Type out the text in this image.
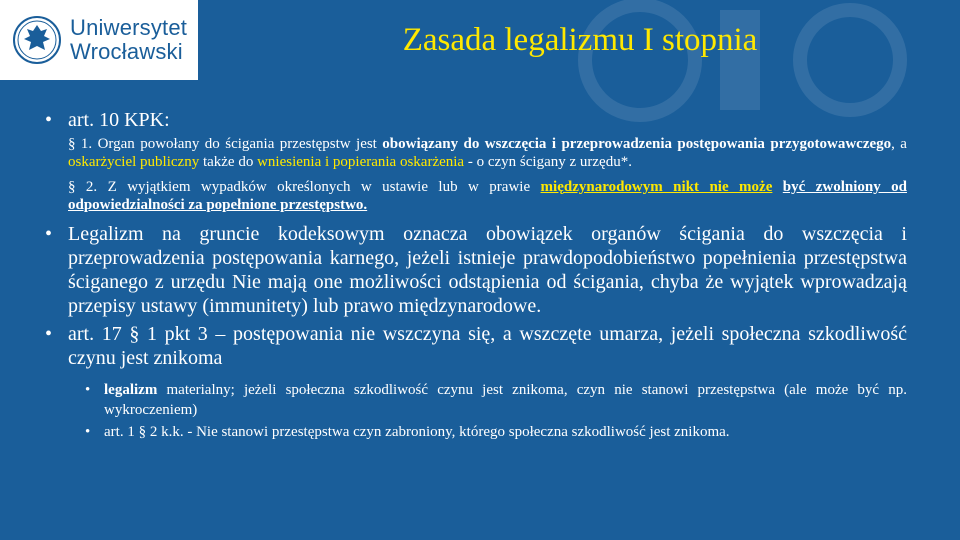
Uniwersytet
Wrocławski	Zasada legalizmu I stopnia
• art. 10 KPK:
§ 1. Organ powołany do ścigania przestępstw jest obowiązany do wszczęcia i przeprowadzenia postępowania przygotowawczego, a oskarżyciel publiczny także do wniesienia i popierania oskarżenia - o czyn ścigany z urzędu*.
§ 2. Z wyjątkiem wypadków określonych w ustawie lub w prawie międzynarodowym nikt nie może być zwolniony od odpowiedzialności za popełnione przestępstwo.
• Legalizm na gruncie kodeksowym oznacza obowiązek organów ścigania do wszczęcia i przeprowadzenia postępowania karnego, jeżeli istnieje prawdopodobieństwo popełnienia przestępstwa ściganego z urzędu Nie mają one możliwości odstąpienia od ścigania, chyba że wyjątek wprowadzają przepisy ustawy (immunitety) lub prawo międzynarodowe.
• art. 17 § 1 pkt 3 – postępowania nie wszczyna się, a wszczęte umarza, jeżeli społeczna szkodliwość czynu jest znikoma
• legalizm materialny; jeżeli społeczna szkodliwość czynu jest znikoma, czyn nie stanowi przestępstwa (ale może być np. wykroczeniem)
• art. 1 § 2 k.k. - Nie stanowi przestępstwa czyn zabroniony, którego społeczna szkodliwość jest znikoma.
